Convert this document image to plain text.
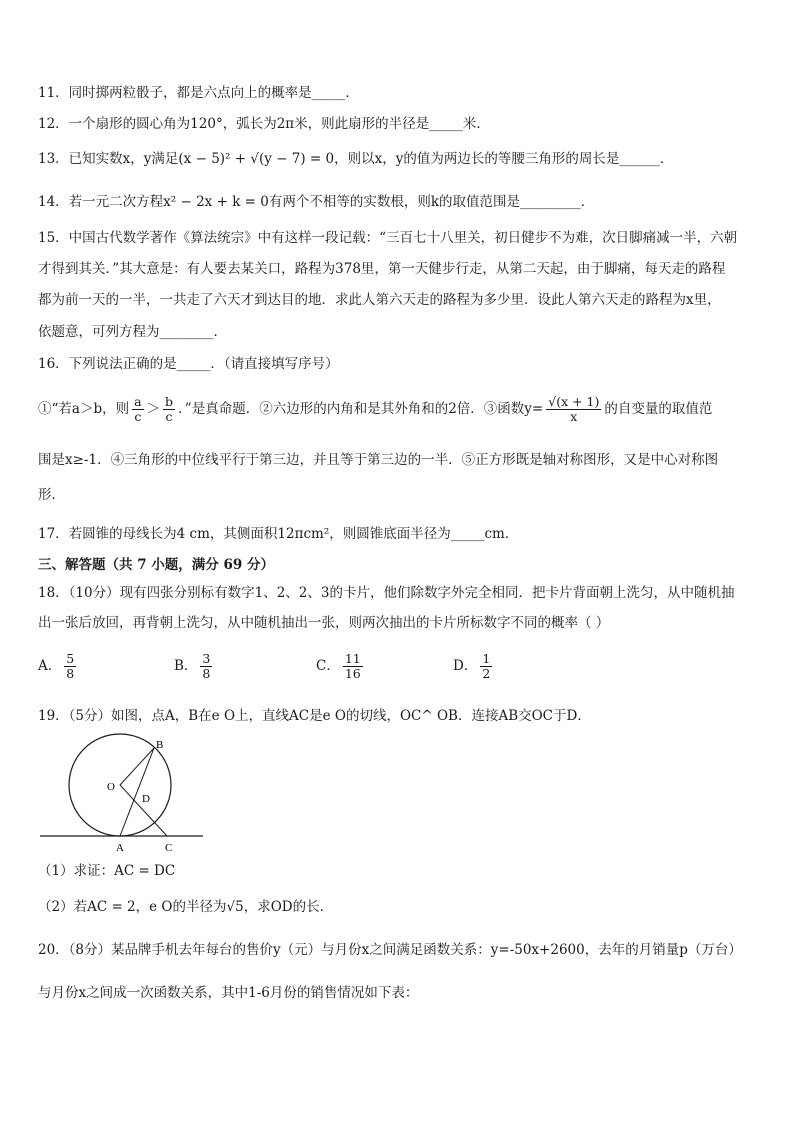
11．同时掷两粒骰子，都是六点向上的概率是_____．
12．一个扇形的圆心角为120°，弧长为2π米，则此扇形的半径是_____米．
13．已知实数x，y满足(x − 5)² + √(y − 7) = 0，则以x，y的值为两边长的等腰三角形的周长是______．
14．若一元二次方程x² − 2x + k = 0有两个不相等的实数根，则k的取值范围是_________．
15．中国古代数学著作《算法统宗》中有这样一段记载：“三百七十八里关，初日健步不为难，次日脚痛减一半，六朝
才得到其关．”其大意是：有人要去某关口，路程为378里，第一天健步行走，从第二天起，由于脚痛，每天走的路程
都为前一天的一半，一共走了六天才到达目的地．求此人第六天走的路程为多少里．设此人第六天走的路程为x里，
依题意，可列方程为________．
16．下列说法正确的是_____．（请直接填写序号）
①“若a＞b，则 $\frac{a}{c} > \frac{b}{c}$ ．”是真命题．②六边形的内角和是其外角和的2倍．③函数$y= \frac{√(x + 1)}{x}$ 的自变量的取值范
围是x≥-1．④三角形的中位线平行于第三边，并且等于第三边的一半．⑤正方形既是轴对称图形，又是中心对称图
形．
17．若圆锥的母线长为4 cm，其侧面积12πcm²，则圆锥底面半径为_____cm．
三、解答题（共 7 小题，满分 69 分）
18．（10分）现有四张分别标有数字1、2、2、3的卡片，他们除数字外完全相同．把卡片背面朝上洗匀，从中随机抽
出一张后放回，再背朝上洗匀，从中随机抽出一张，则两次抽出的卡片所标数字不同的概率（ ）
A． $\frac{5}{8}$	B． $\frac{3}{8}$	C． $\frac{11}{16}$	D． $\frac{1}{2}$
19．（5分）如图，点A，B在e O上，直线AC是e O的切线，OC^ OB．连接AB交OC于D．
B
O
D
A	C
（1）求证：AC = DC
（2）若AC = 2，e O的半径为√5，求OD的长．
20．（8分）某品牌手机去年每台的售价y（元）与月份x之间满足函数关系：y=-50x+2600，去年的月销量p（万台）
与月份x之间成一次函数关系，其中1-6月份的销售情况如下表：
